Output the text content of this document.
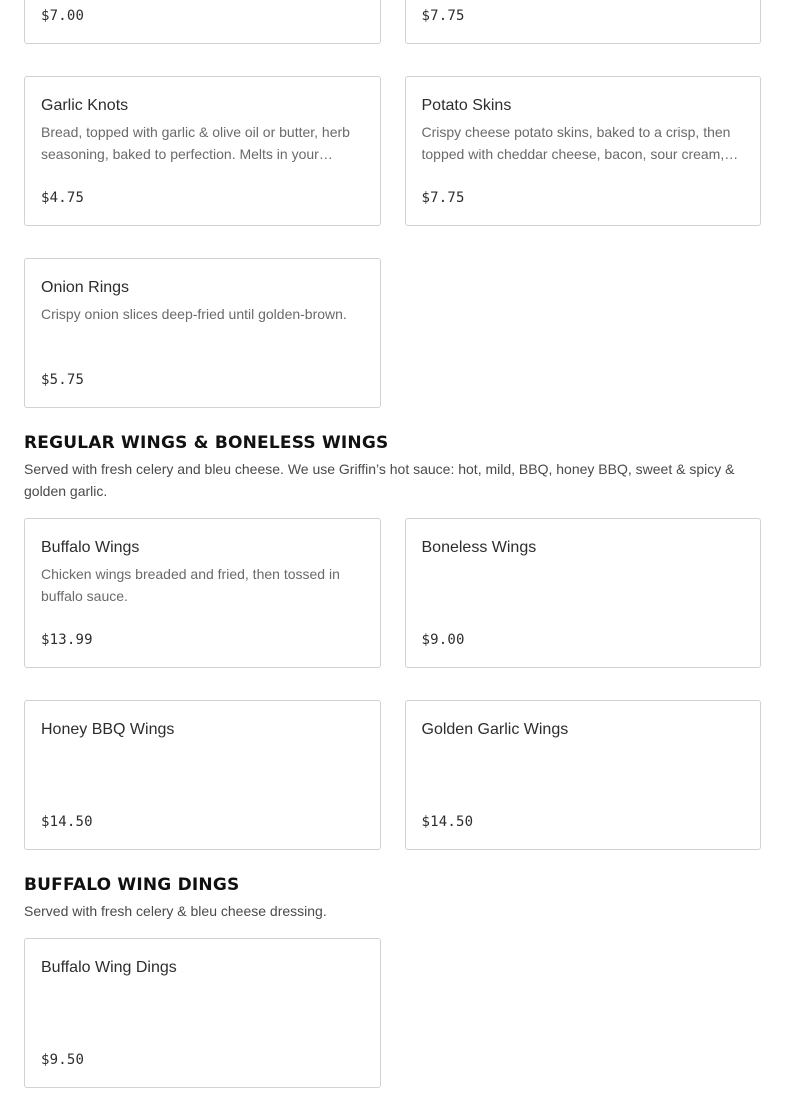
$7.00	$7.75
Garlic Knots
Bread, topped with garlic & olive oil or butter, herb seasoning, baked to perfection. Melts in your…
$4.75
Potato Skins
Crispy cheese potato skins, baked to a crisp, then topped with cheddar cheese, bacon, sour cream,…
$7.75
Onion Rings
Crispy onion slices deep-fried until golden-brown.
$5.75
REGULAR WINGS & BONELESS WINGS
Served with fresh celery and bleu cheese. We use Griffin’s hot sauce: hot, mild, BBQ, honey BBQ, sweet & spicy & golden garlic.
Buffalo Wings
Chicken wings breaded and fried, then tossed in buffalo sauce.
$13.99
Boneless Wings
$9.00
Honey BBQ Wings
$14.50
Golden Garlic Wings
$14.50
BUFFALO WING DINGS
Served with fresh celery & bleu cheese dressing.
Buffalo Wing Dings
$9.50
